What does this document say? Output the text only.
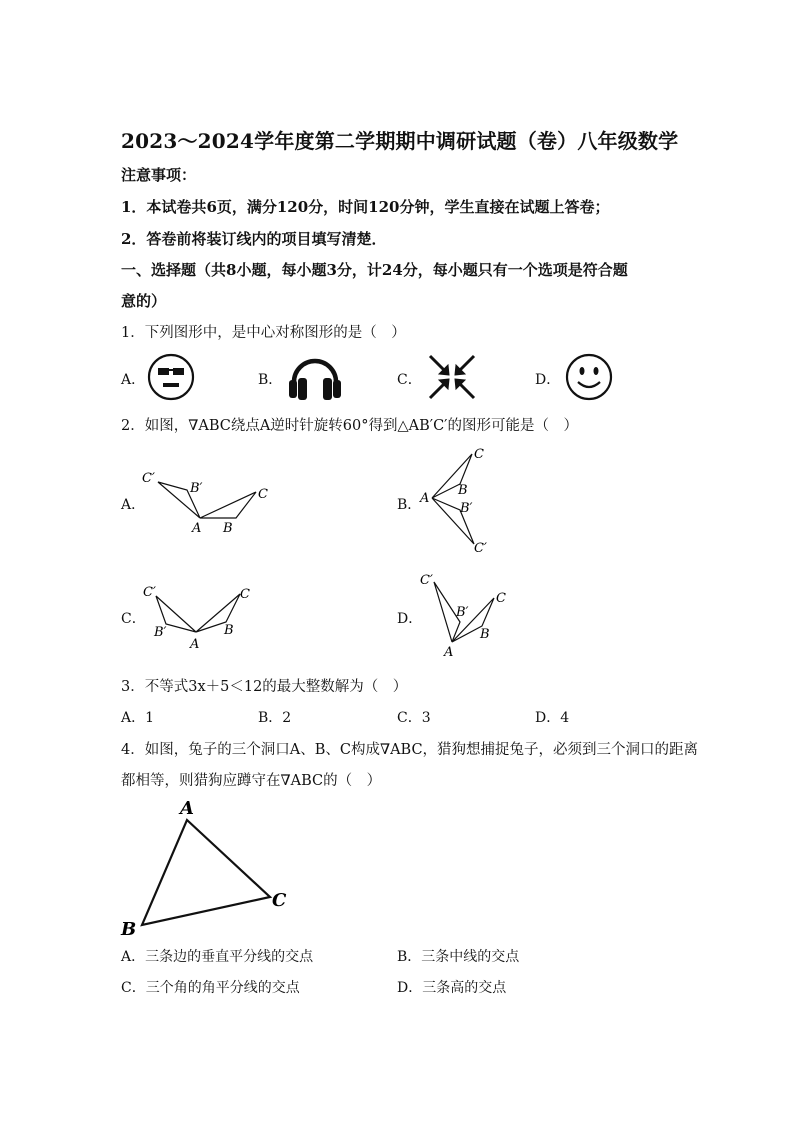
2023～2024学年度第二学期期中调研试题（卷）八年级数学
注意事项：
1．本试卷共6页，满分120分，时间120分钟，学生直接在试题上答卷；
2．答卷前将装订线内的项目填写清楚．
一、选择题（共8小题，每小题3分，计24分，每小题只有一个选项是符合题
意的）
1．下列图形中，是中心对称图形的是（　）
A．	B．	C．	D．
2．如图，∇ABC绕点A逆时针旋转60°得到△AB′C′的图形可能是（　）
A．
C′
B′	C
A B
B．
C
B
A
B′
C′
C．
C′	C
B′	B
A
D．
C′
B′
C
B
A
3．不等式3x＋5＜12的最大整数解为（　）
A．1	B．2	C．3	D．4
4．如图，兔子的三个洞口A、B、C构成∇ABC，猎狗想捕捉兔子，必须到三个洞口的距离
都相等，则猎狗应蹲守在∇ABC的（　）
A
C
B
A．三条边的垂直平分线的交点	B．三条中线的交点
C．三个角的角平分线的交点	D．三条高的交点
